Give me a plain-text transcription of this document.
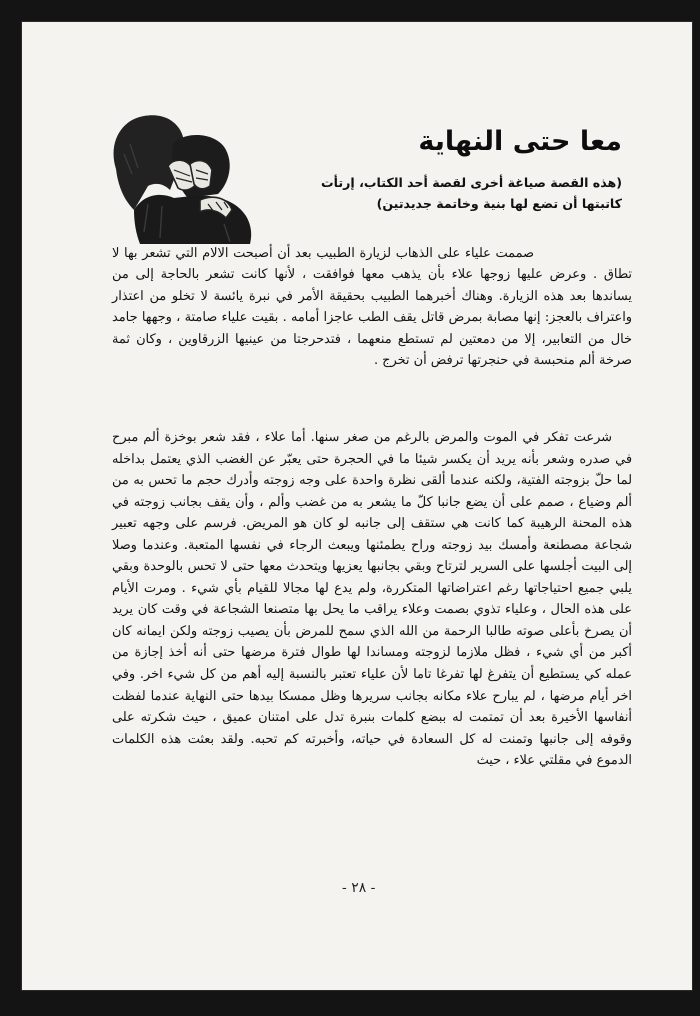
معا حتى النهاية

(هذه القصة صياغة أخرى لقصة أحد الكتاب، إرتأت كاتبتها أن تضع لها بنية وخاتمة جديدتين)

صممت علياء على الذهاب لزيارة الطبيب بعد أن أصبحت الالام التي تشعر بها لا تطاق . وعرض عليها زوجها علاء بأن يذهب معها فوافقت ، لأنها كانت تشعر بالحاجة إلى من يساندها بعد هذه الزيارة. وهناك أخبرهما الطبيب بحقيقة الأمر في نبرة يائسة لا تخلو من اعتذار واعتراف بالعجز: إنها مصابة بمرض قاتل يقف الطب عاجزا أمامه . بقيت علياء صامتة ، وجهها جامد خال من التعابير، إلا من دمعتين لم تستطع منعهما ، فتدحرجتا من عينيها الزرقاوين ، وكان ثمة صرخة ألم منحبسة في حنجرتها ترفض أن تخرج .

شرعت تفكر في الموت والمرض بالرغم من صغر سنها. أما علاء ، فقد شعر بوخزة ألم مبرح في صدره وشعر بأنه يريد أن يكسر شيئا ما في الحجرة حتى يعبّر عن الغضب الذي يعتمل بداخله لما حلّ بزوجته الفتية، ولكنه عندما ألقى نظرة واحدة على وجه زوجته وأدرك حجم ما تحس به من ألم وضياع ، صمم على أن يضع جانبا كلّ ما يشعر به من غضب وألم ، وأن يقف بجانب زوجته في هذه المحنة الرهيبة كما كانت هي ستقف إلى جانبه لو كان هو المريض. فرسم على وجهه تعبير شجاعة مصطنعة وأمسك بيد زوجته وراح يطمئنها ويبعث الرجاء في نفسها المتعبة. وعندما وصلا إلى البيت أجلسها على السرير لترتاح وبقي بجانبها يعزيها ويتحدث معها حتى لا تحس بالوحدة وبقي يلبي جميع احتياجاتها رغم اعتراضاتها المتكررة، ولم يدع لها مجالا للقيام بأي شيء . ومرت الأيام على هذه الحال ، وعلياء تذوي بصمت وعلاء يراقب ما يحل بها متصنعا الشجاعة في وقت كان يريد أن يصرخ بأعلى صوته طالبا الرحمة من الله الذي سمح للمرض بأن يصيب زوجته ولكن ايمانه كان أكبر من أي شيء ، فظل ملازما لزوجته ومساندا لها طوال فترة مرضها حتى أنه أخذ إجازة من عمله كي يستطيع أن يتفرغ لها تفرغا تاما لأن علياء تعتبر بالنسبة إليه أهم من كل شيء اخر. وفي اخر أيام مرضها ، لم يبارح علاء مكانه بجانب سريرها وظل ممسكا بيدها حتى النهاية عندما لفظت أنفاسها الأخيرة بعد أن تمتمت له ببضع كلمات بنبرة تدل على امتنان عميق ، حيث شكرته على وقوفه إلى جانبها وتمنت له كل السعادة في حياته، وأخبرته كم تحبه. ولقد بعثت هذه الكلمات الدموع في مقلتي علاء ، حيث

- ٢٨ -
